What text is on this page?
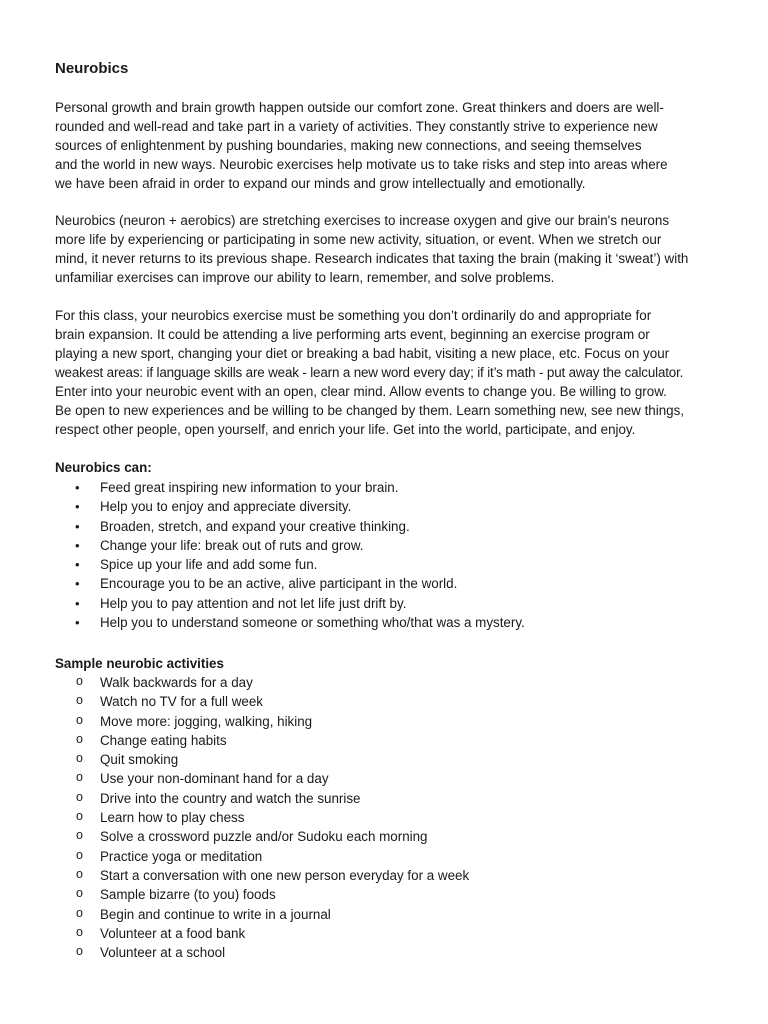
Neurobics

Personal growth and brain growth happen outside our comfort zone. Great thinkers and doers are well-
rounded and well-read and take part in a variety of activities. They constantly strive to experience new
sources of enlightenment by pushing boundaries, making new connections, and seeing themselves
and the world in new ways. Neurobic exercises help motivate us to take risks and step into areas where
we have been afraid in order to expand our minds and grow intellectually and emotionally.

Neurobics (neuron + aerobics) are stretching exercises to increase oxygen and give our brain's neurons
more life by experiencing or participating in some new activity, situation, or event. When we stretch our
mind, it never returns to its previous shape. Research indicates that taxing the brain (making it ‘sweat’) with
unfamiliar exercises can improve our ability to learn, remember, and solve problems.

For this class, your neurobics exercise must be something you don’t ordinarily do and appropriate for
brain expansion. It could be attending a live performing arts event, beginning an exercise program or
playing a new sport, changing your diet or breaking a bad habit, visiting a new place, etc. Focus on your
weakest areas: if language skills are weak - learn a new word every day; if it’s math - put away the calculator.
Enter into your neurobic event with an open, clear mind. Allow events to change you. Be willing to grow.
Be open to new experiences and be willing to be changed by them. Learn something new, see new things,
respect other people, open yourself, and enrich your life. Get into the world, participate, and enjoy.

Neurobics can:
• Feed great inspiring new information to your brain.
• Help you to enjoy and appreciate diversity.
• Broaden, stretch, and expand your creative thinking.
• Change your life: break out of ruts and grow.
• Spice up your life and add some fun.
• Encourage you to be an active, alive participant in the world.
• Help you to pay attention and not let life just drift by.
• Help you to understand someone or something who/that was a mystery.
Sample neurobic activities
o Walk backwards for a day
o Watch no TV for a full week
o Move more: jogging, walking, hiking
o Change eating habits
o Quit smoking
o Use your non-dominant hand for a day
o Drive into the country and watch the sunrise
o Learn how to play chess
o Solve a crossword puzzle and/or Sudoku each morning
o Practice yoga or meditation
o Start a conversation with one new person everyday for a week
o Sample bizarre (to you) foods
o Begin and continue to write in a journal
o Volunteer at a food bank
o Volunteer at a school
